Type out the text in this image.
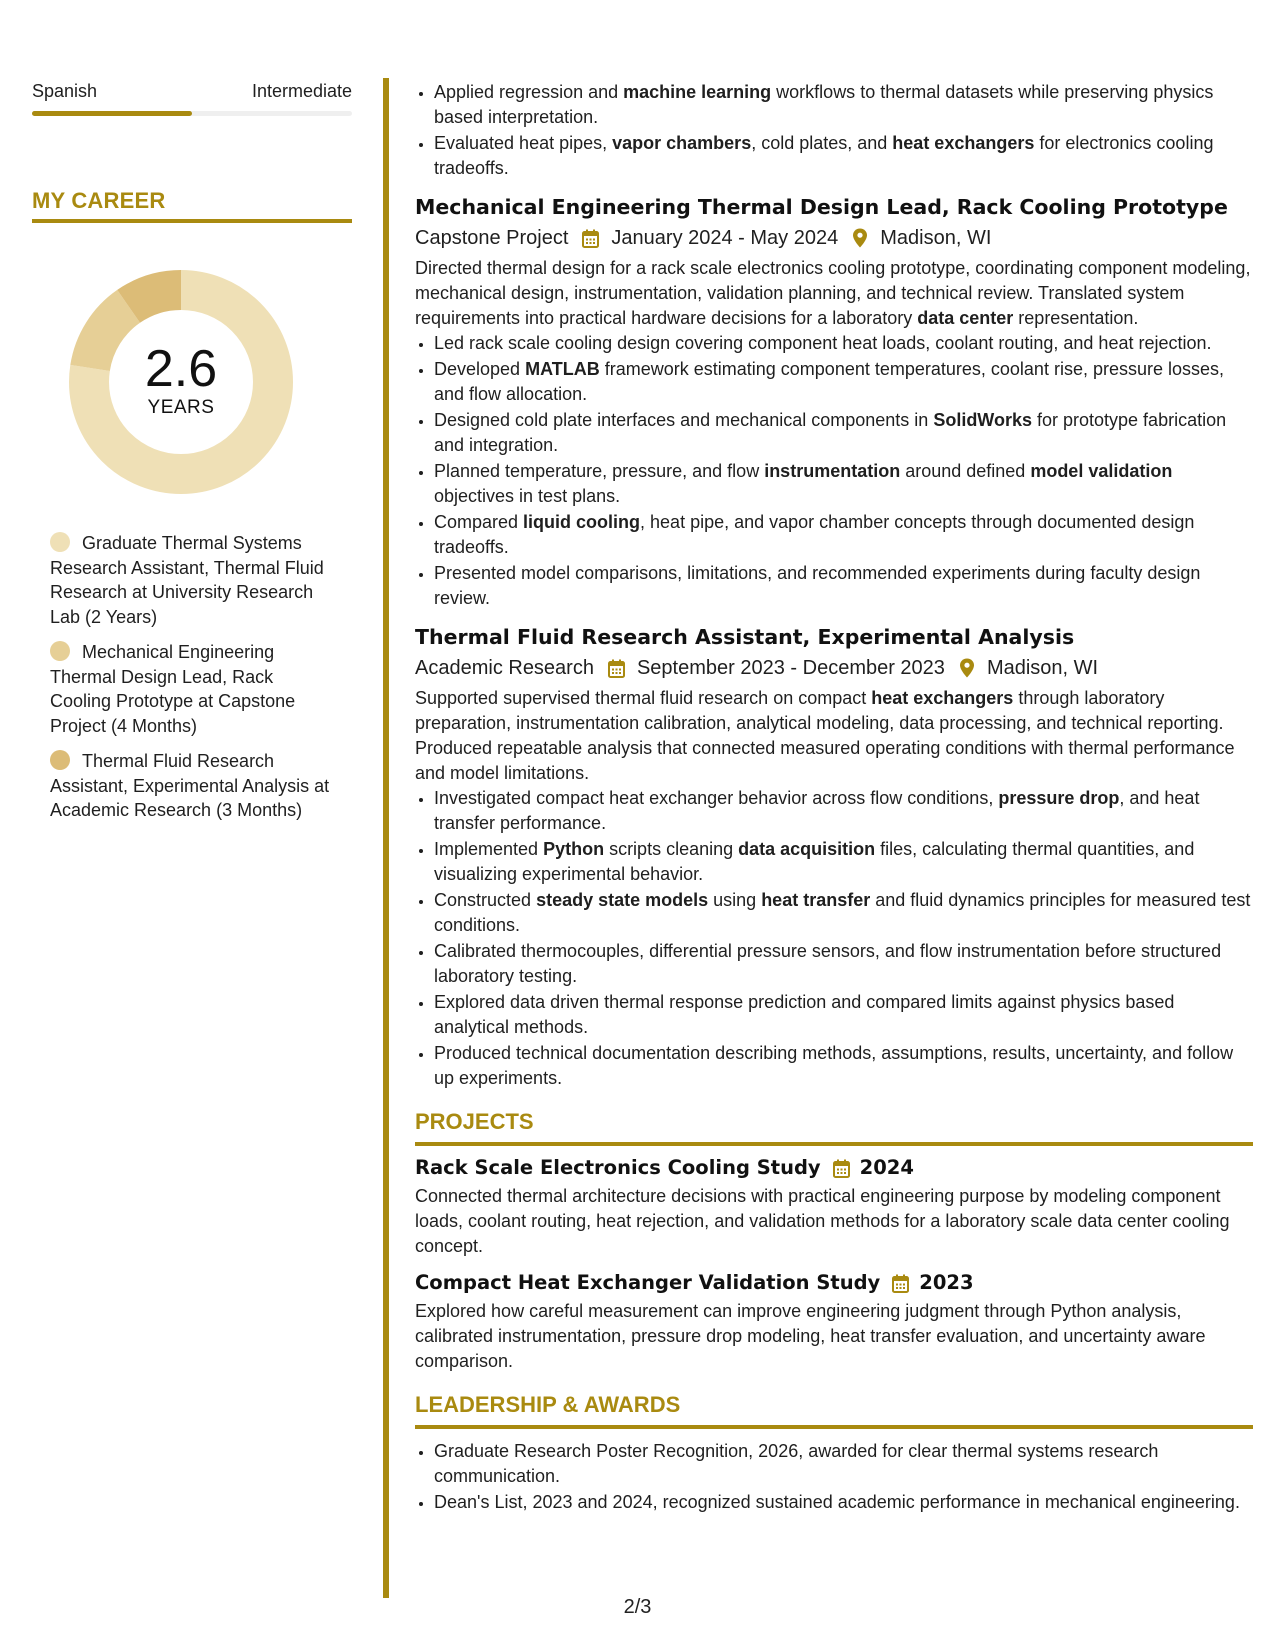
Spanish	Intermediate
MY CAREER
2.6
YEARS
Graduate Thermal Systems Research Assistant, Thermal Fluid Research at University Research Lab (2 Years)
Mechanical Engineering Thermal Design Lead, Rack Cooling Prototype at Capstone Project (4 Months)
Thermal Fluid Research Assistant, Experimental Analysis at Academic Research (3 Months)
• Applied regression and machine learning workflows to thermal datasets while preserving physics based interpretation.
• Evaluated heat pipes, vapor chambers, cold plates, and heat exchangers for electronics cooling tradeoffs.
Mechanical Engineering Thermal Design Lead, Rack Cooling Prototype
Capstone Project January 2024 - May 2024 Madison, WI

Directed thermal design for a rack scale electronics cooling prototype, coordinating component modeling, mechanical design, instrumentation, validation planning, and technical review. Translated system requirements into practical hardware decisions for a laboratory data center representation.

• Led rack scale cooling design covering component heat loads, coolant routing, and heat rejection.
• Developed MATLAB framework estimating component temperatures, coolant rise, pressure losses, and flow allocation.
• Designed cold plate interfaces and mechanical components in SolidWorks for prototype fabrication and integration.
• Planned temperature, pressure, and flow instrumentation around defined model validation objectives in test plans.
• Compared liquid cooling, heat pipe, and vapor chamber concepts through documented design tradeoffs.
• Presented model comparisons, limitations, and recommended experiments during faculty design review.
Thermal Fluid Research Assistant, Experimental Analysis
Academic Research September 2023 - December 2023 Madison, WI

Supported supervised thermal fluid research on compact heat exchangers through laboratory preparation, instrumentation calibration, analytical modeling, data processing, and technical reporting. Produced repeatable analysis that connected measured operating conditions with thermal performance and model limitations.

• Investigated compact heat exchanger behavior across flow conditions, pressure drop, and heat transfer performance.
• Implemented Python scripts cleaning data acquisition files, calculating thermal quantities, and visualizing experimental behavior.
• Constructed steady state models using heat transfer and fluid dynamics principles for measured test conditions.
• Calibrated thermocouples, differential pressure sensors, and flow instrumentation before structured laboratory testing.
• Explored data driven thermal response prediction and compared limits against physics based analytical methods.
• Produced technical documentation describing methods, assumptions, results, uncertainty, and follow up experiments.
PROJECTS
Rack Scale Electronics Cooling Study 2024
Connected thermal architecture decisions with practical engineering purpose by modeling component loads, coolant routing, heat rejection, and validation methods for a laboratory scale data center cooling concept.
Compact Heat Exchanger Validation Study 2023
Explored how careful measurement can improve engineering judgment through Python analysis, calibrated instrumentation, pressure drop modeling, heat transfer evaluation, and uncertainty aware comparison.
LEADERSHIP & AWARDS
• Graduate Research Poster Recognition, 2026, awarded for clear thermal systems research communication.
• Dean's List, 2023 and 2024, recognized sustained academic performance in mechanical engineering.
2/3
